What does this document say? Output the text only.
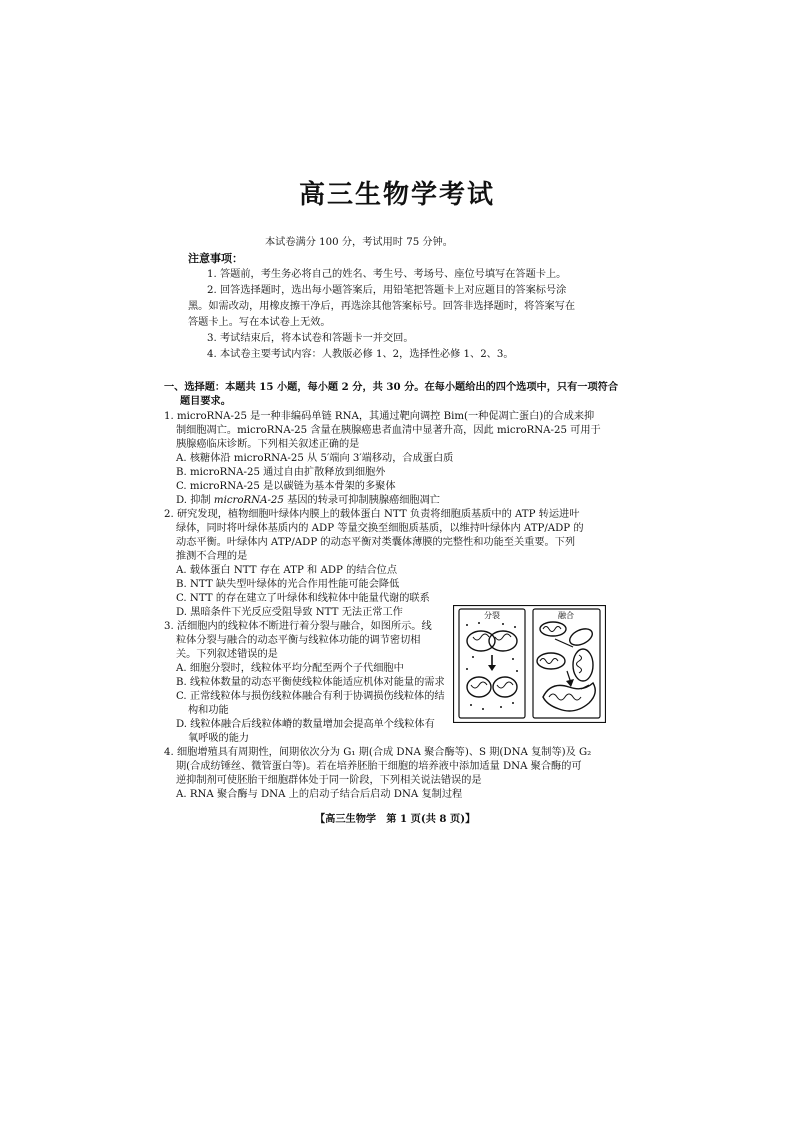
高三生物学考试
本试卷满分 100 分，考试用时 75 分钟。
注意事项：
1. 答题前，考生务必将自己的姓名、考生号、考场号、座位号填写在答题卡上。
2. 回答选择题时，选出每小题答案后，用铅笔把答题卡上对应题目的答案标号涂
黑。如需改动，用橡皮擦干净后，再选涂其他答案标号。回答非选择题时，将答案写在
答题卡上。写在本试卷上无效。
3. 考试结束后，将本试卷和答题卡一并交回。
4. 本试卷主要考试内容：人教版必修 1、2，选择性必修 1、2、3。
一、选择题：本题共 15 小题，每小题 2 分，共 30 分。在每小题给出的四个选项中，只有一项符合
题目要求。
1. microRNA-25 是一种非编码单链 RNA，其通过靶向调控 Bim(一种促凋亡蛋白)的合成来抑
制细胞凋亡。microRNA-25 含量在胰腺癌患者血清中显著升高，因此 microRNA-25 可用于
胰腺癌临床诊断。下列相关叙述正确的是
A. 核糖体沿 microRNA-25 从 5′端向 3′端移动，合成蛋白质
B. microRNA-25 通过自由扩散释放到细胞外
C. microRNA-25 是以碳链为基本骨架的多聚体
D. 抑制 microRNA-25 基因的转录可抑制胰腺癌细胞凋亡
2. 研究发现，植物细胞叶绿体内膜上的载体蛋白 NTT 负责将细胞质基质中的 ATP 转运进叶
绿体，同时将叶绿体基质内的 ADP 等量交换至细胞质基质，以维持叶绿体内 ATP/ADP 的
动态平衡。叶绿体内 ATP/ADP 的动态平衡对类囊体薄膜的完整性和功能至关重要。下列
推测不合理的是
A. 载体蛋白 NTT 存在 ATP 和 ADP 的结合位点
B. NTT 缺失型叶绿体的光合作用性能可能会降低
C. NTT 的存在建立了叶绿体和线粒体中能量代谢的联系
D. 黑暗条件下光反应受阻导致 NTT 无法正常工作
3. 活细胞内的线粒体不断进行着分裂与融合，如图所示。线
粒体分裂与融合的动态平衡与线粒体功能的调节密切相
关。下列叙述错误的是
A. 细胞分裂时，线粒体平均分配至两个子代细胞中
B. 线粒体数量的动态平衡使线粒体能适应机体对能量的需求
C. 正常线粒体与损伤线粒体融合有利于协调损伤线粒体的结
构和功能
D. 线粒体融合后线粒体嵴的数量增加会提高单个线粒体有
氧呼吸的能力
分裂	融合
4. 细胞增殖具有周期性，间期依次分为 G₁ 期(合成 DNA 聚合酶等)、S 期(DNA 复制等)及 G₂
期(合成纺锤丝、微管蛋白等)。若在培养胚胎干细胞的培养液中添加适量 DNA 聚合酶的可
逆抑制剂可使胚胎干细胞群体处于同一阶段，下列相关说法错误的是
A. RNA 聚合酶与 DNA 上的启动子结合后启动 DNA 复制过程
【高三生物学　第 1 页(共 8 页)】
